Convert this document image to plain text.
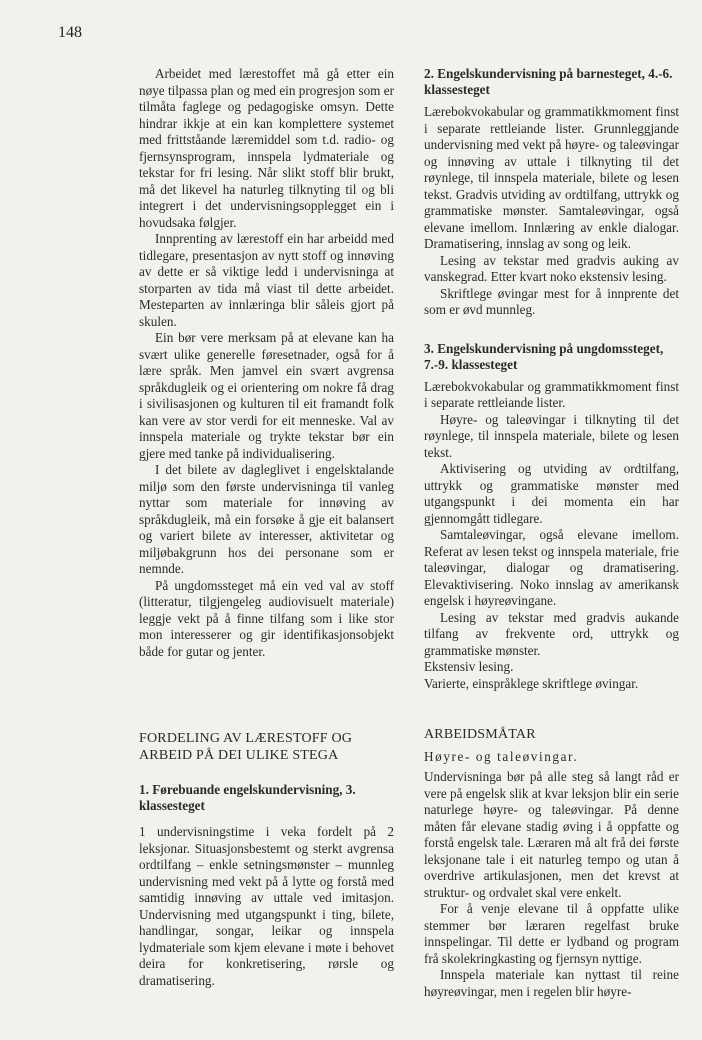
148

Arbeidet med lærestoffet må gå etter ein nøye tilpassa plan og med ein progresjon som er tilmåta faglege og pedagogiske omsyn. Dette hindrar ikkje at ein kan komplettere systemet med frittståande læremiddel som t.d. radio- og fjernsynsprogram, innspela lydmateriale og tekstar for fri lesing. Når slikt stoff blir brukt, må det likevel ha naturleg tilknyting til og bli integrert i det undervisningsopplegget ein i hovudsaka følgjer.

Innprenting av lærestoff ein har arbeidd med tidlegare, presentasjon av nytt stoff og innøving av dette er så viktige ledd i undervisninga at storparten av tida må viast til dette arbeidet. Mesteparten av innlæringa blir såleis gjort på skulen.

Ein bør vere merksam på at elevane kan ha svært ulike generelle føresetnader, også for å lære språk. Men jamvel ein svært avgrensa språkdugleik og ei orientering om nokre få drag i sivilisasjonen og kulturen til eit framandt folk kan vere av stor verdi for eit menneske. Val av innspela materiale og trykte tekstar bør ein gjere med tanke på individualisering.

I det bilete av dagleglivet i engelsktalande miljø som den første undervisninga til vanleg nyttar som materiale for innøving av språkdugleik, må ein forsøke å gje eit balansert og variert bilete av interesser, aktivitetar og miljøbakgrunn hos dei personane som er nemnde.

På ungdomssteget må ein ved val av stoff (litteratur, tilgjengeleg audiovisuelt materiale) leggje vekt på å finne tilfang som i like stor mon interesserer og gir identifikasjonsobjekt både for gutar og jenter.

FORDELING AV LÆRESTOFF OG ARBEID PÅ DEI ULIKE STEGA
1. Førebuande engelskundervisning, 3. klassesteget

1 undervisningstime i veka fordelt på 2 leksjonar. Situasjonsbestemt og sterkt avgrensa ordtilfang – enkle setningsmønster – munnleg undervisning med vekt på å lytte og forstå med samtidig innøving av uttale ved imitasjon. Undervisning med utgangspunkt i ting, bilete, handlingar, songar, leikar og innspela lydmateriale som kjem elevane i møte i behovet deira for konkretisering, rørsle og dramatisering.

2. Engelskundervisning på barnesteget, 4.-6. klassesteget

Lærebokvokabular og grammatikkmoment finst i separate rettleiande lister. Grunnleggjande undervisning med vekt på høyre- og taleøvingar og innøving av uttale i tilknyting til det røynlege, til innspela materiale, bilete og lesen tekst. Gradvis utviding av ordtilfang, uttrykk og grammatiske mønster. Samtaleøvingar, også elevane imellom. Innlæring av enkle dialogar. Dramatisering, innslag av song og leik.

Lesing av tekstar med gradvis auking av vanskegrad. Etter kvart noko ekstensiv lesing.

Skriftlege øvingar mest for å innprente det som er øvd munnleg.

3. Engelskundervisning på ungdomssteget, 7.-9. klassesteget

Lærebokvokabular og grammatikkmoment finst i separate rettleiande lister.

Høyre- og taleøvingar i tilknyting til det røynlege, til innspela materiale, bilete og lesen tekst.

Aktivisering og utviding av ordtilfang, uttrykk og grammatiske mønster med utgangspunkt i dei momenta ein har gjennomgått tidlegare.

Samtaleøvingar, også elevane imellom. Referat av lesen tekst og innspela materiale, frie taleøvingar, dialogar og dramatisering. Elevaktivisering. Noko innslag av amerikansk engelsk i høyreøvingane.

Lesing av tekstar med gradvis aukande tilfang av frekvente ord, uttrykk og grammatiske mønster.

Ekstensiv lesing.

Varierte, einspråklege skriftlege øvingar.

ARBEIDSMÅTAR
Høyre- og taleøvingar.

Undervisninga bør på alle steg så langt råd er vere på engelsk slik at kvar leksjon blir ein serie naturlege høyre- og taleøvingar. På denne måten får elevane stadig øving i å oppfatte og forstå engelsk tale. Læraren må alt frå dei første leksjonane tale i eit naturleg tempo og utan å overdrive artikulasjonen, men det krevst at struktur- og ordvalet skal vere enkelt.

For å venje elevane til å oppfatte ulike stemmer bør læraren regelfast bruke innspelingar. Til dette er lydband og program frå skolekringkasting og fjernsyn nyttige.

Innspela materiale kan nyttast til reine høyreøvingar, men i regelen blir høyre-
